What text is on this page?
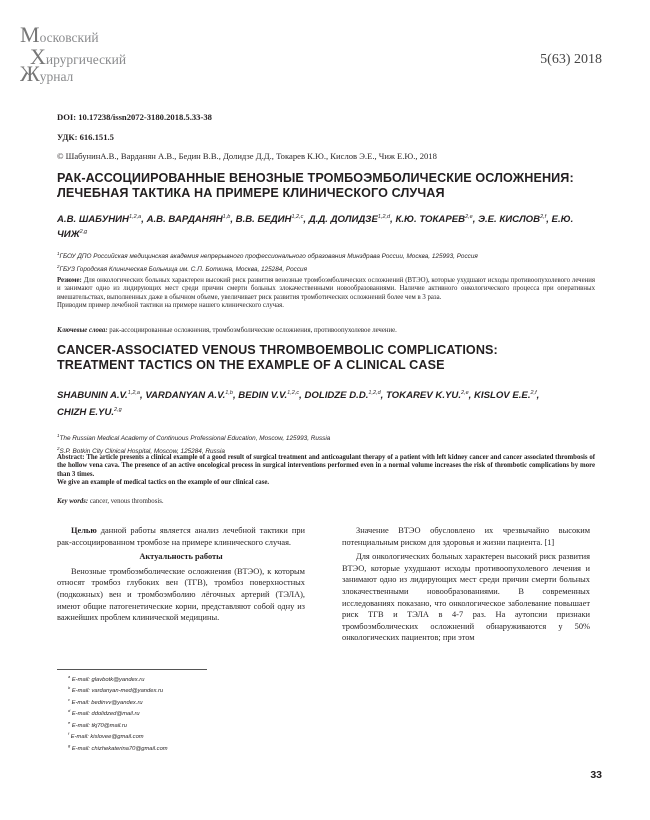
Московский
Хирургический
Журнал
5(63) 2018
DOI: 10.17238/issn2072-3180.2018.5.33-38
УДК: 616.151.5
© ШабунинА.В., Варданян А.В., Бедин В.В., Долидзе Д.Д., Токарев К.Ю., Кислов Э.Е., Чиж Е.Ю., 2018
РАК-АССОЦИИРОВАННЫЕ ВЕНОЗНЫЕ ТРОМБОЭМБОЛИЧЕСКИЕ ОСЛОЖНЕНИЯ:
ЛЕЧЕБНАЯ ТАКТИКА НА ПРИМЕРЕ КЛИНИЧЕСКОГО СЛУЧАЯ
А.В. ШАБУНИН$^{1,2,a}$, А.В. ВАРДАНЯН$^{1,b}$, В.В. БЕДИН$^{1,2,c}$, Д.Д. ДОЛИДЗЕ$^{1,2,d}$, К.Ю. ТОКАРЕВ$^{2,e}$, Э.Е. КИСЛОВ$^{2,f}$, Е.Ю. ЧИЖ$^{2,g}$
$^1$ГБОУ ДПО Российская медицинская академия непрерывного профессионального образования Минздрава России, Москва, 125993, Россия
$^2$ГБУЗ Городская Клиническая Больница им. С.П. Боткина, Москва, 125284, Россия
Резюме: Для онкологических больных характерен высокий риск развития венозные тромбоэмболических осложнений (ВТЭО), которые ухудшают исходы противоопухолевого лечения и занимают одно из лидирующих мест среди причин смерти больных злокачественными новообразованиями. Наличие активного онкологического процесса при оперативных вмешательствах, выполненных даже в обычном объеме, увеличивает риск развития тромботических осложнений более чем в 3 раза.
Приводим пример лечебной тактики на примере нашего клинического случая.
Ключевые слова: рак-ассоциированные осложнения, тромбоэмболические осложнения, противоопухолевое лечение.
CANCER-ASSOCIATED VENOUS THROMBOEMBOLIC COMPLICATIONS:
TREATMENT TACTICS ON THE EXAMPLE OF A CLINICAL CASE
SHABUNIN A.V.$^{1,2,a}$, VARDANYAN A.V.$^{1,b}$, BEDIN V.V.$^{1,2,c}$, DOLIDZE D.D.$^{1,2,d}$, TOKAREV K.YU.$^{2,e}$, KISLOV E.E.$^{2,f}$,
CHIZH E.YU.$^{2,g}$
$^1$The Russian Medical Academy of Continuous Professional Education, Moscow, 125993, Russia
$^2$S.P. Botkin City Clinical Hospital, Moscow, 125284, Russia
Abstract: The article presents a clinical example of a good result of surgical treatment and anticoagulant therapy of a patient with left kidney cancer and cancer associated thrombosis of the hollow vena cava. The presence of an active oncological process in surgical interventions performed even in a normal volume increases the risk of thrombotic complications by more than 3 times.
We give an example of medical tactics on the example of our clinical case.
Key words: cancer, venous thrombosis.

Целью данной работы является анализ лечебной тактики при рак-ассоциированном тромбозе на примере клинического случая.

Актуальность работы

Венозные тромбоэмболические осложнения (ВТЭО), к которым относят тромбоз глубоких вен (ТГВ), тромбоз поверхностных (подкожных) вен и тромбоэмболию лёгочных артерий (ТЭЛА), имеют общие патогенетические корни, представляют собой одну из важнейших проблем клинической медицины.

Значение ВТЭО обусловлено их чрезвычайно высоким потенциальным риском для здоровья и жизни пациента. [1]

Для онкологических больных характерен высокий риск развития ВТЭО, которые ухудшают исходы противоопухолевого лечения и занимают одно из лидирующих мест среди причин смерти больных злокачественными новообразованиями. В современных исследованиях показано, что онкологическое заболевание повышает риск ТГВ и ТЭЛА в 4-7 раз. На аутопсии признаки тромбоэмболических осложнений обнаруживаются у 50% онкологических пациентов; при этом

$^a$ E-mail: glavbotk@yandex.ru
$^b$ E-mail: vardanyan-med@yandex.ru
$^c$ E-mail: bedinvv@yandex.ru
$^d$ E-mail: ddolidzed@mail.ru
$^e$ E-mail: tkj70@mail.ru
$^f$ E-mail: kislovee@gmail.com
$^g$ E-mail: chizhekaterina70@gmail.com
33
